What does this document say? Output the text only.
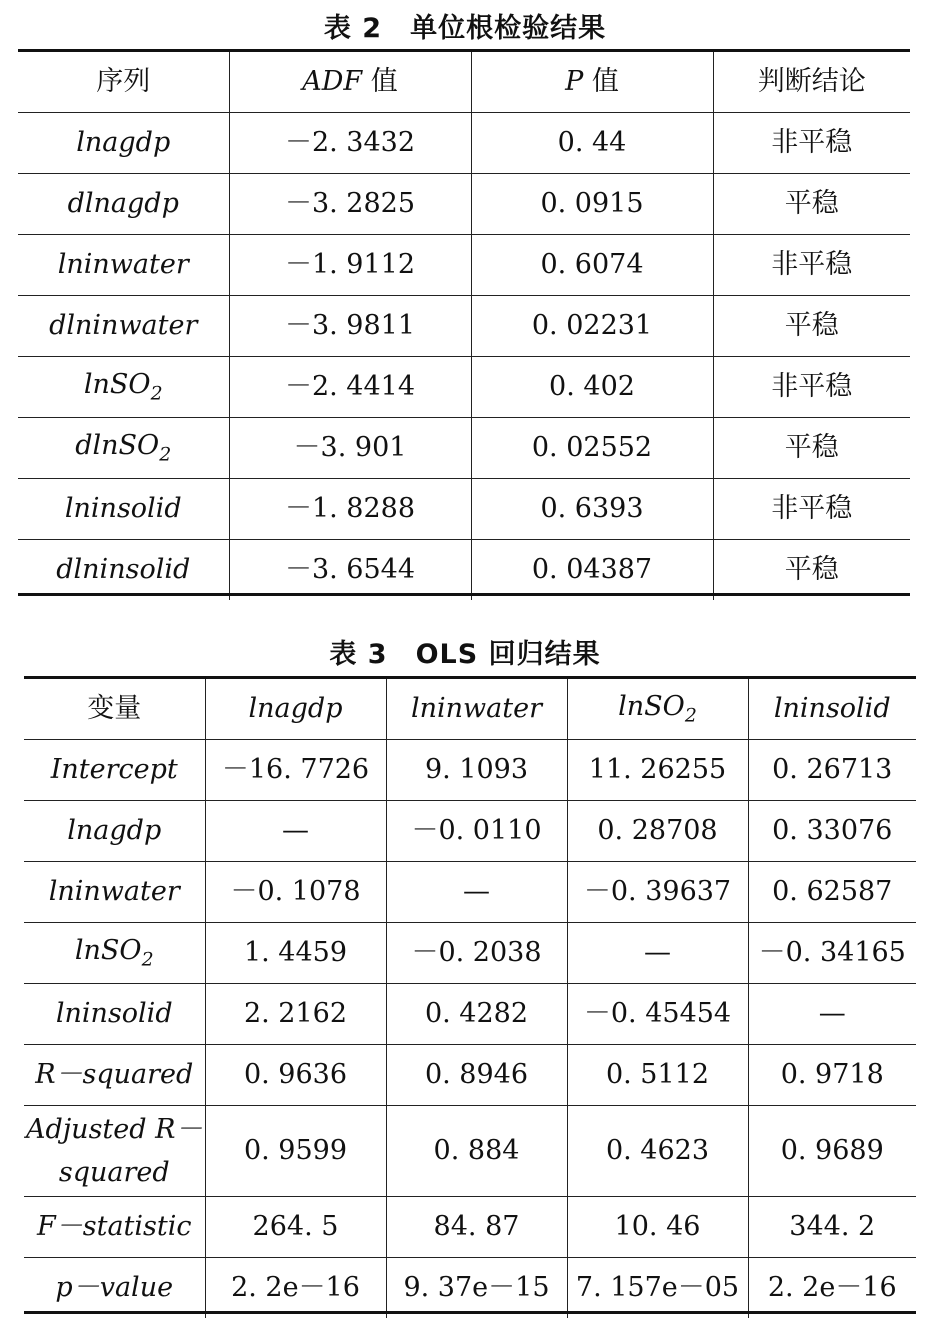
表 2 单位根检验结果
序列	ADF 值	P 值	判断结论
lnagdp	－2. 3432	0. 44	非平稳
dlnagdp	－3. 2825	0. 0915	平稳
lninwater	－1. 9112	0. 6074	非平稳
dlninwater	－3. 9811	0. 02231	平稳
lnSO$_2$	－2. 4414	0. 402	非平稳
dlnSO$_2$	－3. 901	0. 02552	平稳
lninsolid	－1. 8288	0. 6393	非平稳
dlninsolid	－3. 6544	0. 04387	平稳
表 3 OLS 回归结果
变量	lnagdp	lninwater	lnSO$_2$	lninsolid
Intercept	－16. 7726	9. 1093	11. 26255	0. 26713
lnagdp	—	－0. 0110	0. 28708	0. 33076
lninwater	－0. 1078	—	－0. 39637	0. 62587
lnSO$_2$	1. 4459	－0. 2038	—	－0. 34165
lninsolid	2. 2162	0. 4282	－0. 45454	—
R－squared	0. 9636	0. 8946	0. 5112	0. 9718
Adjusted R－squared	0. 9599	0. 884	0. 4623	0. 9689
F－statistic	264. 5	84. 87	10. 46	344. 2
p－value	2. 2e－16	9. 37e－15	7. 157e－05	2. 2e－16
